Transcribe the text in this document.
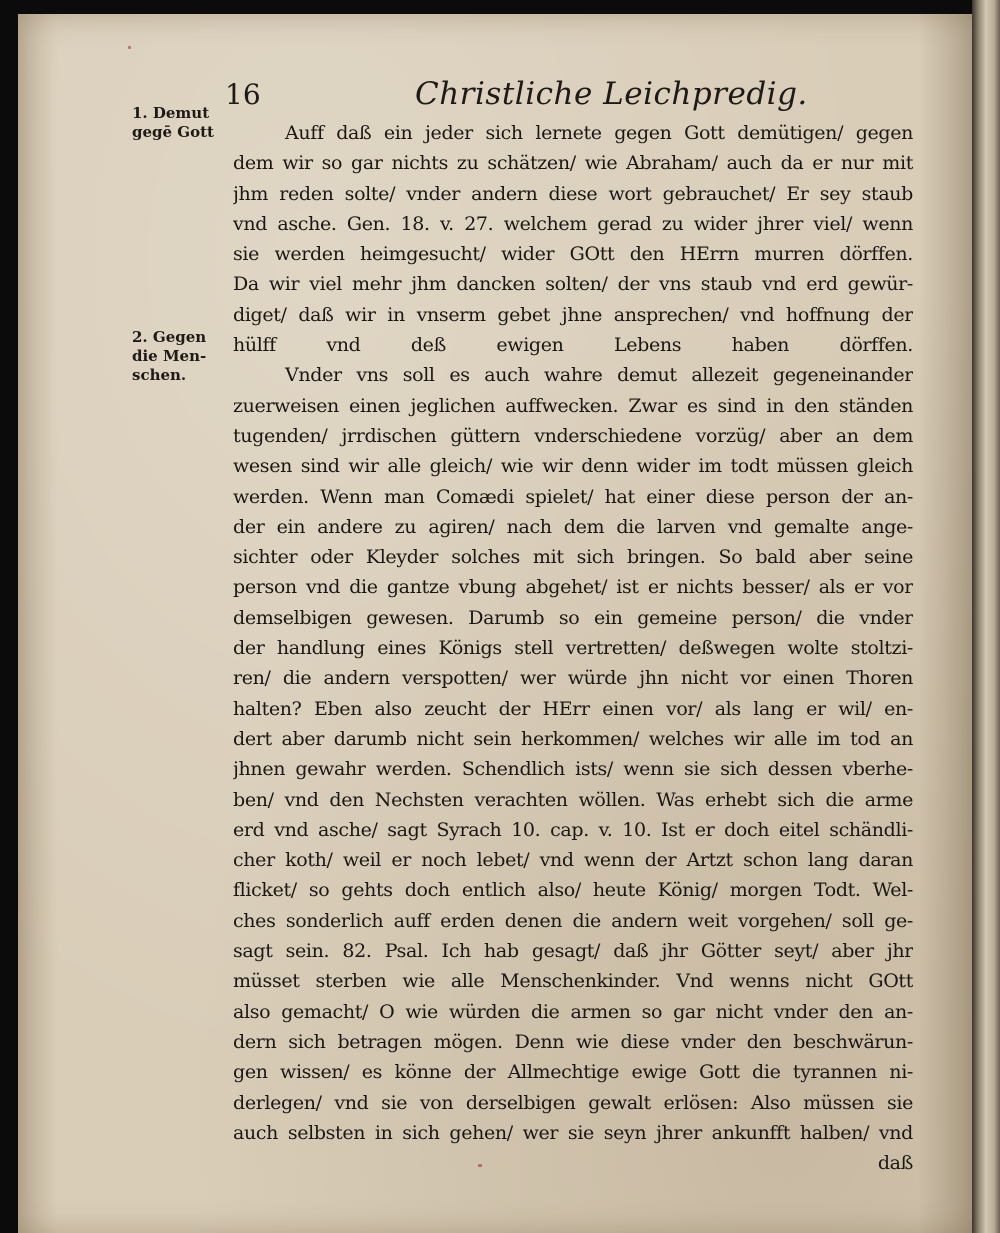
16	Christliche Leichpredig.
1. Demut
gegē Gott
2. Gegen
die Men-
schen.
Auff daß ein jeder sich lernete gegen Gott demütigen/ gegen
dem wir so gar nichts zu schätzen/ wie Abraham/ auch da er nur mit
jhm reden solte/ vnder andern diese wort gebrauchet/ Er sey staub
vnd asche. Gen. 18. v. 27. welchem gerad zu wider jhrer viel/ wenn
sie werden heimgesucht/ wider GOtt den HErrn murren dörffen.
Da wir viel mehr jhm dancken solten/ der vns staub vnd erd gewür-
diget/ daß wir in vnserm gebet jhne ansprechen/ vnd hoffnung der
hülff vnd deß ewigen Lebens haben dörffen.
Vnder vns soll es auch wahre demut allezeit gegeneinander
zuerweisen einen jeglichen auffwecken. Zwar es sind in den ständen
tugenden/ jrrdischen güttern vnderschiedene vorzüg/ aber an dem
wesen sind wir alle gleich/ wie wir denn wider im todt müssen gleich
werden. Wenn man Comædi spielet/ hat einer diese person der an-
der ein andere zu agiren/ nach dem die larven vnd gemalte ange-
sichter oder Kleyder solches mit sich bringen. So bald aber seine
person vnd die gantze vbung abgehet/ ist er nichts besser/ als er vor
demselbigen gewesen. Darumb so ein gemeine person/ die vnder
der handlung eines Königs stell vertretten/ deßwegen wolte stoltzi-
ren/ die andern verspotten/ wer würde jhn nicht vor einen Thoren
halten? Eben also zeucht der HErr einen vor/ als lang er wil/ en-
dert aber darumb nicht sein herkommen/ welches wir alle im tod an
jhnen gewahr werden. Schendlich ists/ wenn sie sich dessen vberhe-
ben/ vnd den Nechsten verachten wöllen. Was erhebt sich die arme
erd vnd asche/ sagt Syrach 10. cap. v. 10. Ist er doch eitel schändli-
cher koth/ weil er noch lebet/ vnd wenn der Artzt schon lang daran
flicket/ so gehts doch entlich also/ heute König/ morgen Todt. Wel-
ches sonderlich auff erden denen die andern weit vorgehen/ soll ge-
sagt sein. 82. Psal. Ich hab gesagt/ daß jhr Götter seyt/ aber jhr
müsset sterben wie alle Menschenkinder. Vnd wenns nicht GOtt
also gemacht/ O wie würden die armen so gar nicht vnder den an-
dern sich betragen mögen. Denn wie diese vnder den beschwärun-
gen wissen/ es könne der Allmechtige ewige Gott die tyrannen ni-
derlegen/ vnd sie von derselbigen gewalt erlösen: Also müssen sie
auch selbsten in sich gehen/ wer sie seyn jhrer ankunfft halben/ vnd
daß
